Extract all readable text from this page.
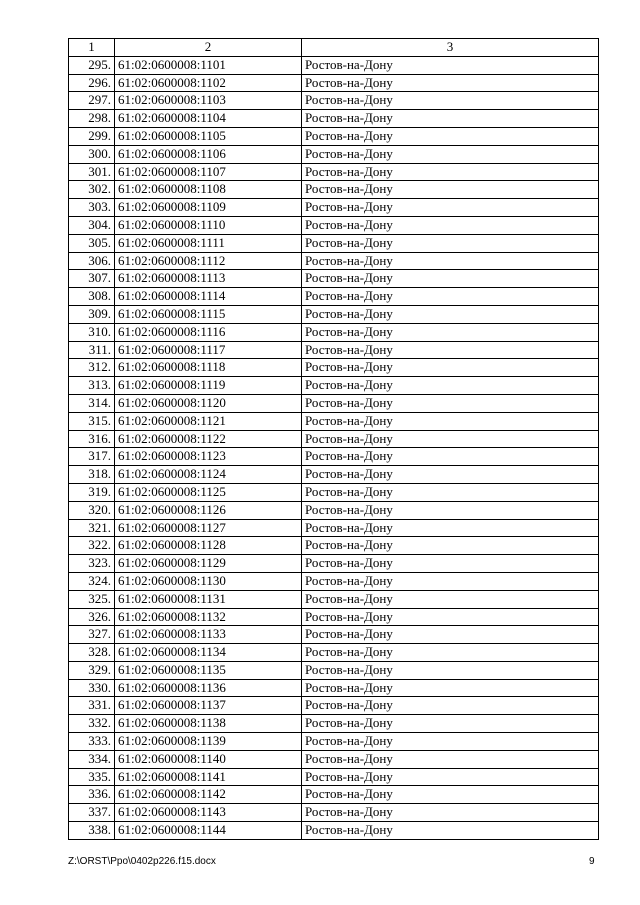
1	2	3
295.	61:02:0600008:1101	Ростов-на-Дону
296.	61:02:0600008:1102	Ростов-на-Дону
297.	61:02:0600008:1103	Ростов-на-Дону
298.	61:02:0600008:1104	Ростов-на-Дону
299.	61:02:0600008:1105	Ростов-на-Дону
300.	61:02:0600008:1106	Ростов-на-Дону
301.	61:02:0600008:1107	Ростов-на-Дону
302.	61:02:0600008:1108	Ростов-на-Дону
303.	61:02:0600008:1109	Ростов-на-Дону
304.	61:02:0600008:1110	Ростов-на-Дону
305.	61:02:0600008:1111	Ростов-на-Дону
306.	61:02:0600008:1112	Ростов-на-Дону
307.	61:02:0600008:1113	Ростов-на-Дону
308.	61:02:0600008:1114	Ростов-на-Дону
309.	61:02:0600008:1115	Ростов-на-Дону
310.	61:02:0600008:1116	Ростов-на-Дону
311.	61:02:0600008:1117	Ростов-на-Дону
312.	61:02:0600008:1118	Ростов-на-Дону
313.	61:02:0600008:1119	Ростов-на-Дону
314.	61:02:0600008:1120	Ростов-на-Дону
315.	61:02:0600008:1121	Ростов-на-Дону
316.	61:02:0600008:1122	Ростов-на-Дону
317.	61:02:0600008:1123	Ростов-на-Дону
318.	61:02:0600008:1124	Ростов-на-Дону
319.	61:02:0600008:1125	Ростов-на-Дону
320.	61:02:0600008:1126	Ростов-на-Дону
321.	61:02:0600008:1127	Ростов-на-Дону
322.	61:02:0600008:1128	Ростов-на-Дону
323.	61:02:0600008:1129	Ростов-на-Дону
324.	61:02:0600008:1130	Ростов-на-Дону
325.	61:02:0600008:1131	Ростов-на-Дону
326.	61:02:0600008:1132	Ростов-на-Дону
327.	61:02:0600008:1133	Ростов-на-Дону
328.	61:02:0600008:1134	Ростов-на-Дону
329.	61:02:0600008:1135	Ростов-на-Дону
330.	61:02:0600008:1136	Ростов-на-Дону
331.	61:02:0600008:1137	Ростов-на-Дону
332.	61:02:0600008:1138	Ростов-на-Дону
333.	61:02:0600008:1139	Ростов-на-Дону
334.	61:02:0600008:1140	Ростов-на-Дону
335.	61:02:0600008:1141	Ростов-на-Дону
336.	61:02:0600008:1142	Ростов-на-Дону
337.	61:02:0600008:1143	Ростов-на-Дону
338.	61:02:0600008:1144	Ростов-на-Дону
Z:\ORST\Ppo\0402p226.f15.docx	9
